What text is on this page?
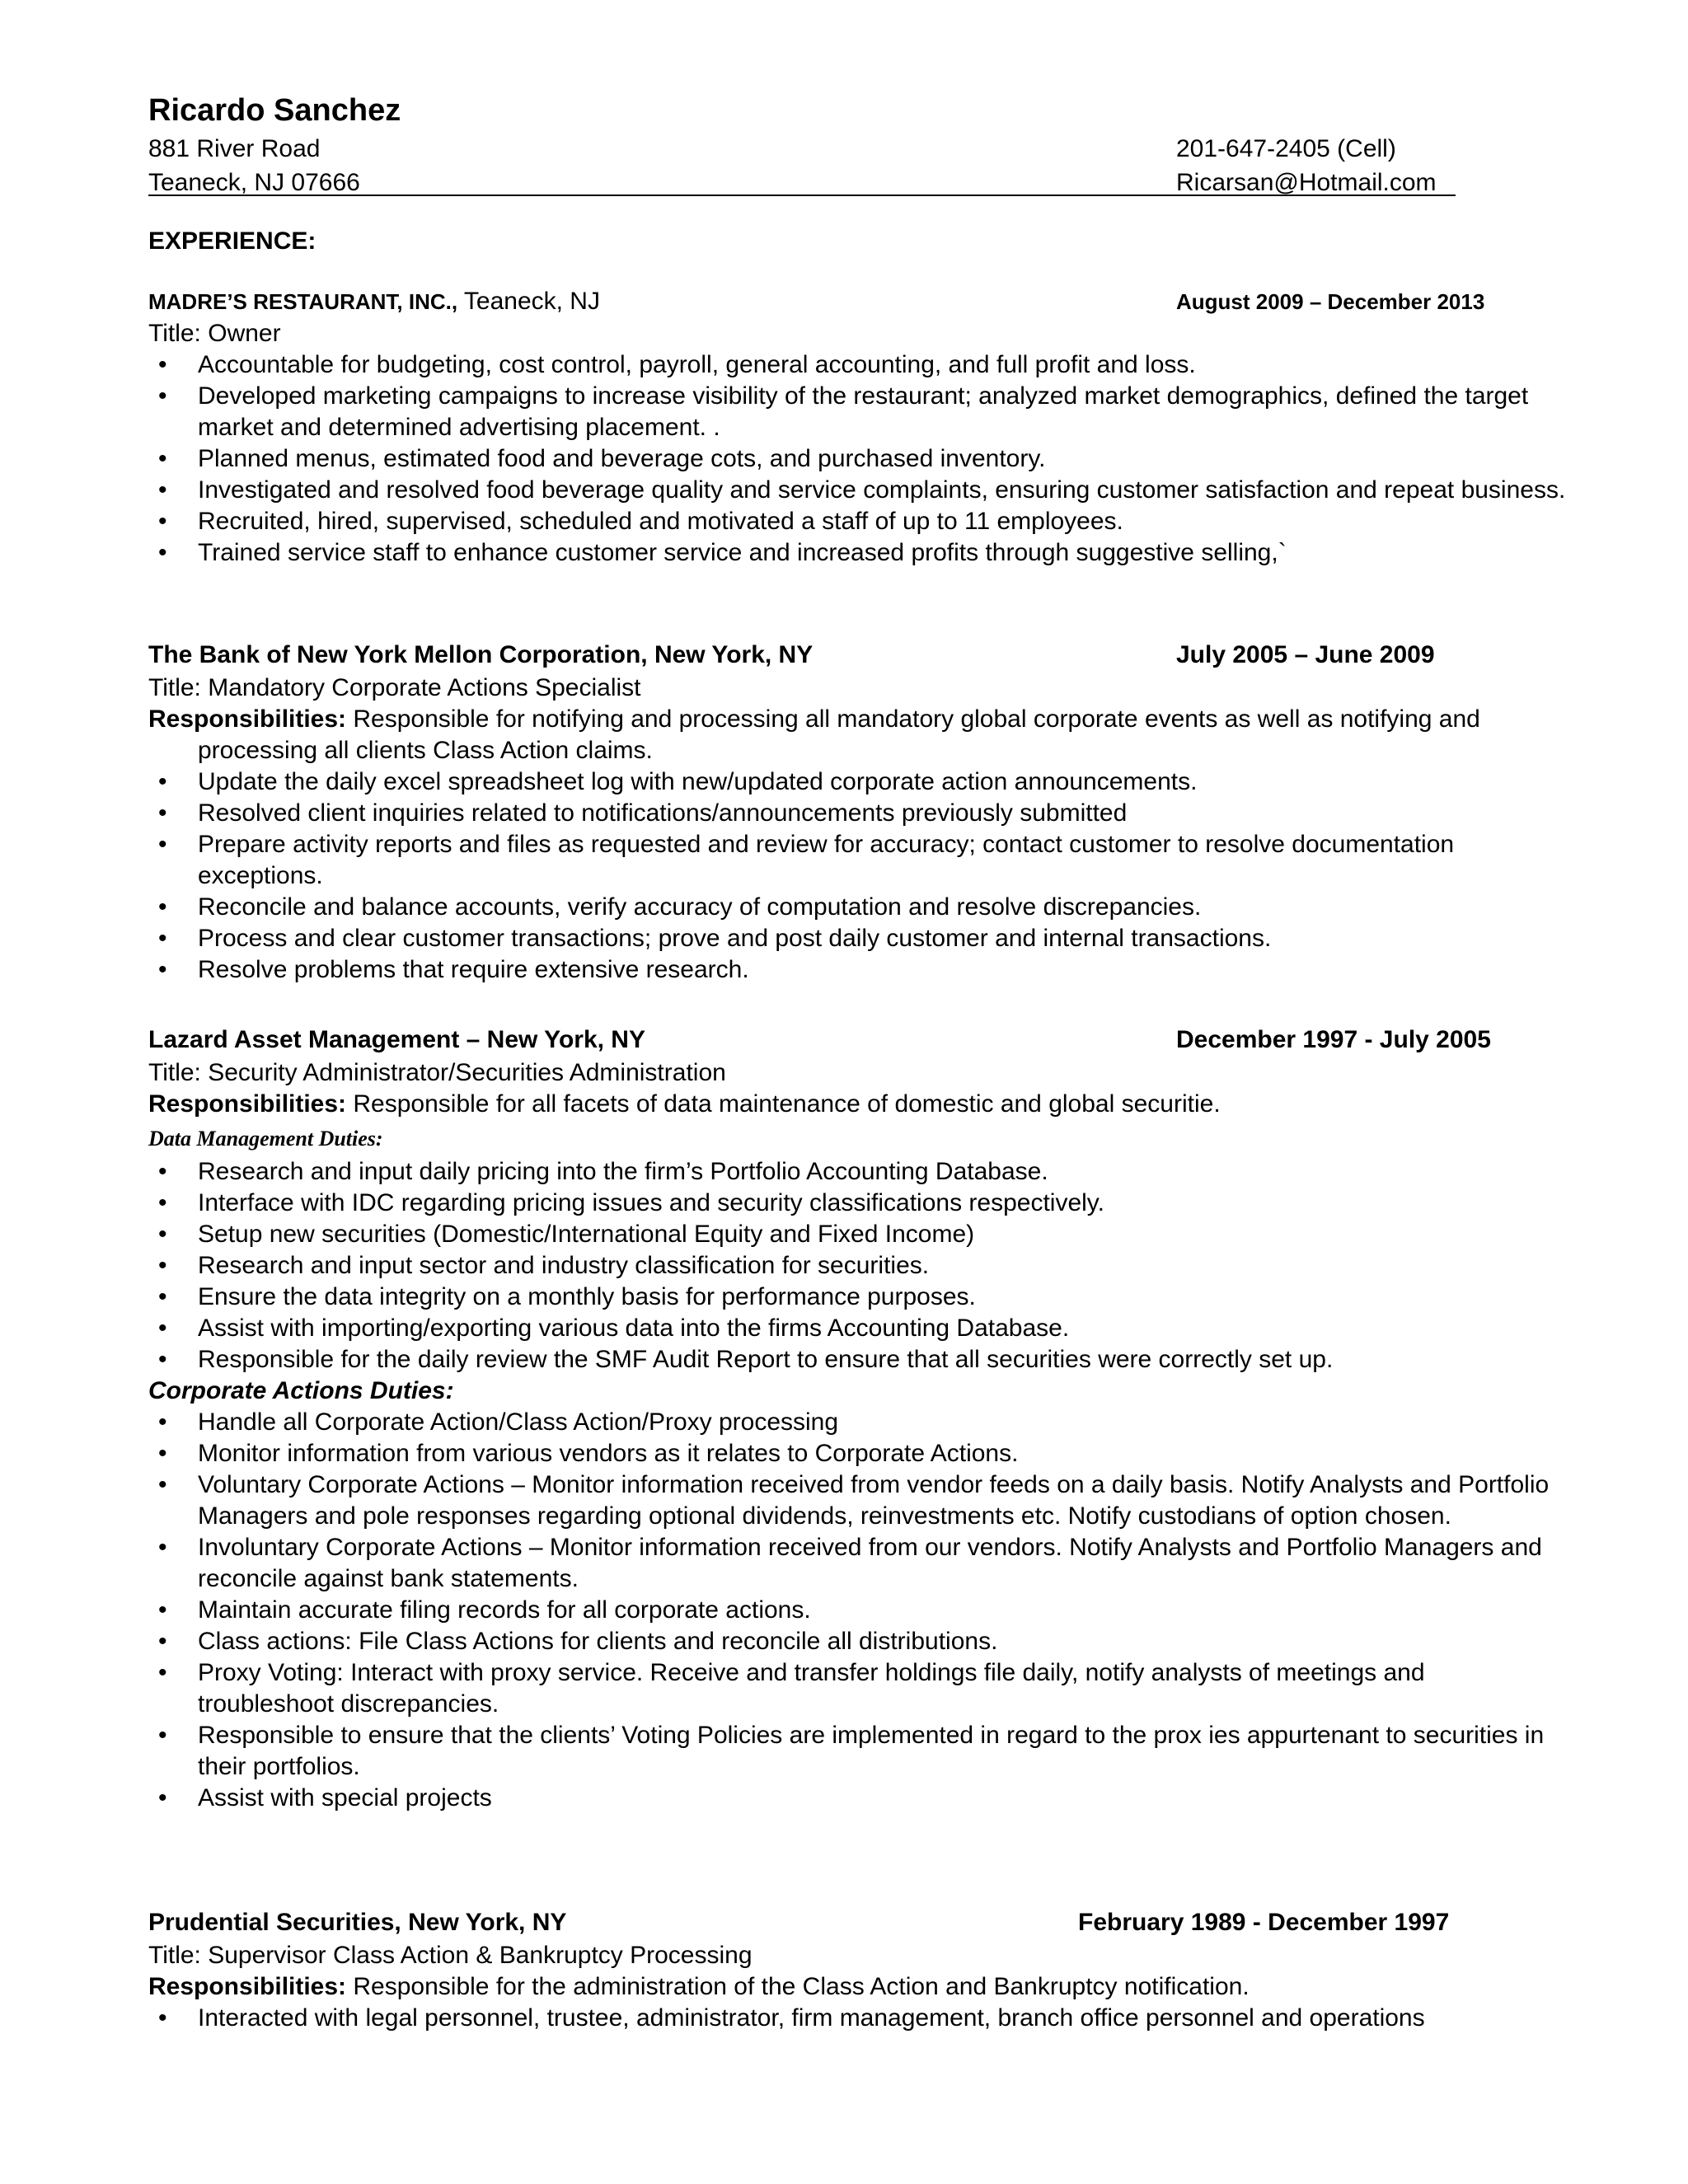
Ricardo Sanchez
881 River Road	201-647-2405 (Cell)
Teaneck, NJ 07666	Ricarsan@Hotmail.com
EXPERIENCE:
MADRE’S RESTAURANT, INC., Teaneck, NJ	August 2009 – December 2013

Title: Owner

• Accountable for budgeting, cost control, payroll, general accounting, and full profit and loss.
• Developed marketing campaigns to increase visibility of the restaurant; analyzed market demographics, defined the target market and determined advertising placement. .
• Planned menus, estimated food and beverage cots, and purchased inventory.
• Investigated and resolved food beverage quality and service complaints, ensuring customer satisfaction and repeat business.
• Recruited, hired, supervised, scheduled and motivated a staff of up to 11 employees.
• Trained service staff to enhance customer service and increased profits through suggestive selling,`
The Bank of New York Mellon Corporation, New York, NY	July 2005 – June 2009

Title: Mandatory Corporate Actions Specialist

Responsibilities: Responsible for notifying and processing all mandatory global corporate events as well as notifying and processing all clients Class Action claims.

• Update the daily excel spreadsheet log with new/updated corporate action announcements.
• Resolved client inquiries related to notifications/announcements previously submitted
• Prepare activity reports and files as requested and review for accuracy; contact customer to resolve documentation exceptions.
• Reconcile and balance accounts, verify accuracy of computation and resolve discrepancies.
• Process and clear customer transactions; prove and post daily customer and internal transactions.
• Resolve problems that require extensive research.
Lazard Asset Management – New York, NY	December 1997 - July 2005

Title: Security Administrator/Securities Administration

Responsibilities: Responsible for all facets of data maintenance of domestic and global securitie.

Data Management Duties:

• Research and input daily pricing into the firm’s Portfolio Accounting Database.
• Interface with IDC regarding pricing issues and security classifications respectively.
• Setup new securities (Domestic/International Equity and Fixed Income)
• Research and input sector and industry classification for securities.
• Ensure the data integrity on a monthly basis for performance purposes.
• Assist with importing/exporting various data into the firms Accounting Database.
• Responsible for the daily review the SMF Audit Report to ensure that all securities were correctly set up.

Corporate Actions Duties:

• Handle all Corporate Action/Class Action/Proxy processing
• Monitor information from various vendors as it relates to Corporate Actions.
• Voluntary Corporate Actions – Monitor information received from vendor feeds on a daily basis. Notify Analysts and Portfolio Managers and pole responses regarding optional dividends, reinvestments etc. Notify custodians of option chosen.
• Involuntary Corporate Actions – Monitor information received from our vendors. Notify Analysts and Portfolio Managers and reconcile against bank statements.
• Maintain accurate filing records for all corporate actions.
• Class actions: File Class Actions for clients and reconcile all distributions.
• Proxy Voting: Interact with proxy service. Receive and transfer holdings file daily, notify analysts of meetings and troubleshoot discrepancies.
• Responsible to ensure that the clients’ Voting Policies are implemented in regard to the prox ies appurtenant to securities in their portfolios.
• Assist with special projects
Prudential Securities, New York, NY	February 1989 - December 1997

Title: Supervisor Class Action & Bankruptcy Processing

Responsibilities: Responsible for the administration of the Class Action and Bankruptcy notification.

• Interacted with legal personnel, trustee, administrator, firm management, branch office personnel and operations
